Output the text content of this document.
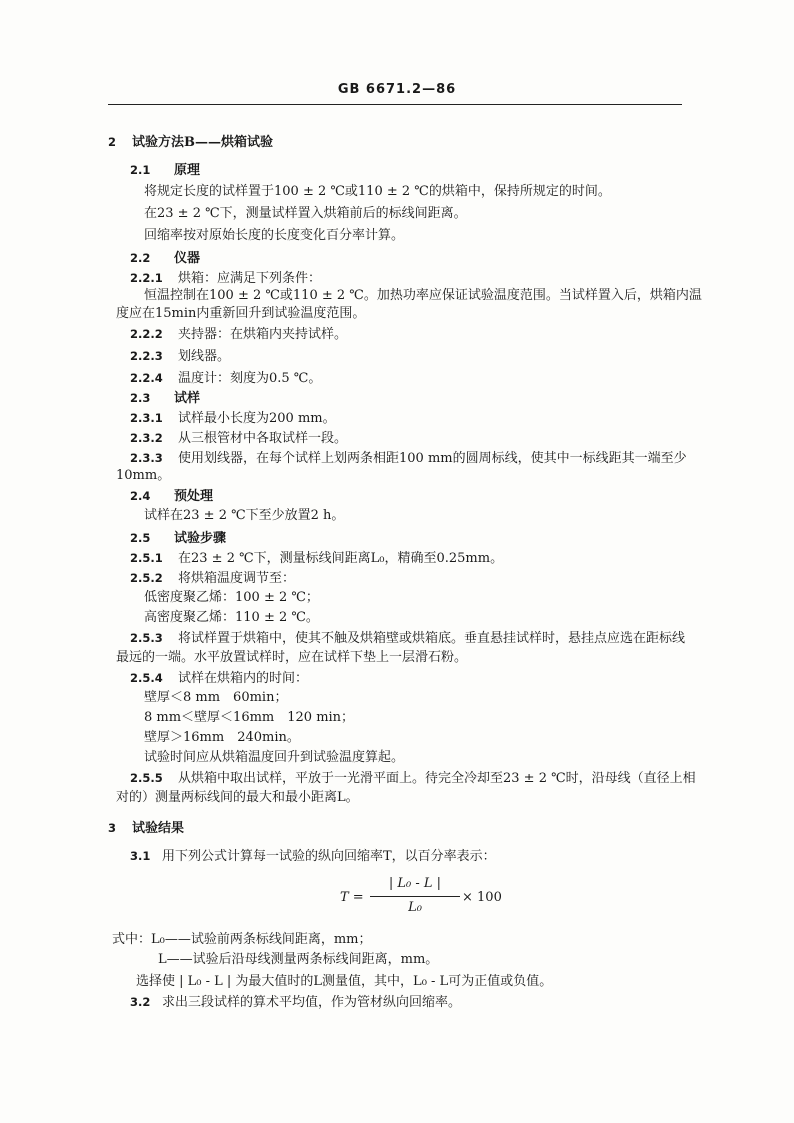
GB 6671.2—86
2 试验方法B——烘箱试验
2.1 原理
将规定长度的试样置于100 ± 2 ℃或110 ± 2 ℃的烘箱中，保持所规定的时间。
在23 ± 2 ℃下，测量试样置入烘箱前后的标线间距离。
回缩率按对原始长度的长度变化百分率计算。
2.2 仪器
2.2.1 烘箱：应满足下列条件：
恒温控制在100 ± 2 ℃或110 ± 2 ℃。加热功率应保证试验温度范围。当试样置入后，烘箱内温
度应在15min内重新回升到试验温度范围。
2.2.2 夹持器：在烘箱内夹持试样。
2.2.3 划线器。
2.2.4 温度计：刻度为0.5 ℃。
2.3 试样
2.3.1 试样最小长度为200 mm。
2.3.2 从三根管材中各取试样一段。
2.3.3 使用划线器，在每个试样上划两条相距100 mm的圆周标线，使其中一标线距其一端至少
10mm。
2.4 预处理
试样在23 ± 2 ℃下至少放置2 h。
2.5 试验步骤
2.5.1 在23 ± 2 ℃下，测量标线间距离L₀，精确至0.25mm。
2.5.2 将烘箱温度调节至：
低密度聚乙烯：100 ± 2 ℃；
高密度聚乙烯：110 ± 2 ℃。
2.5.3 将试样置于烘箱中，使其不触及烘箱壁或烘箱底。垂直悬挂试样时，悬挂点应选在距标线
最远的一端。水平放置试样时，应在试样下垫上一层滑石粉。
2.5.4 试样在烘箱内的时间：
壁厚＜8 mm　60min；
8 mm＜壁厚＜16mm　120 min；
壁厚＞16mm　240min。
试验时间应从烘箱温度回升到试验温度算起。
2.5.5 从烘箱中取出试样，平放于一光滑平面上。待完全冷却至23 ± 2 ℃时，沿母线（直径上相
对的）测量两标线间的最大和最小距离L。
3 试验结果
3.1 用下列公式计算每一试验的纵向回缩率T，以百分率表示：
T =
| L₀ - L |
L₀
× 100
式中：L₀——试验前两条标线间距离，mm；
L——试验后沿母线测量两条标线间距离，mm。
选择使 | L₀ - L | 为最大值时的L测量值，其中，L₀ - L可为正值或负值。
3.2 求出三段试样的算术平均值，作为管材纵向回缩率。
